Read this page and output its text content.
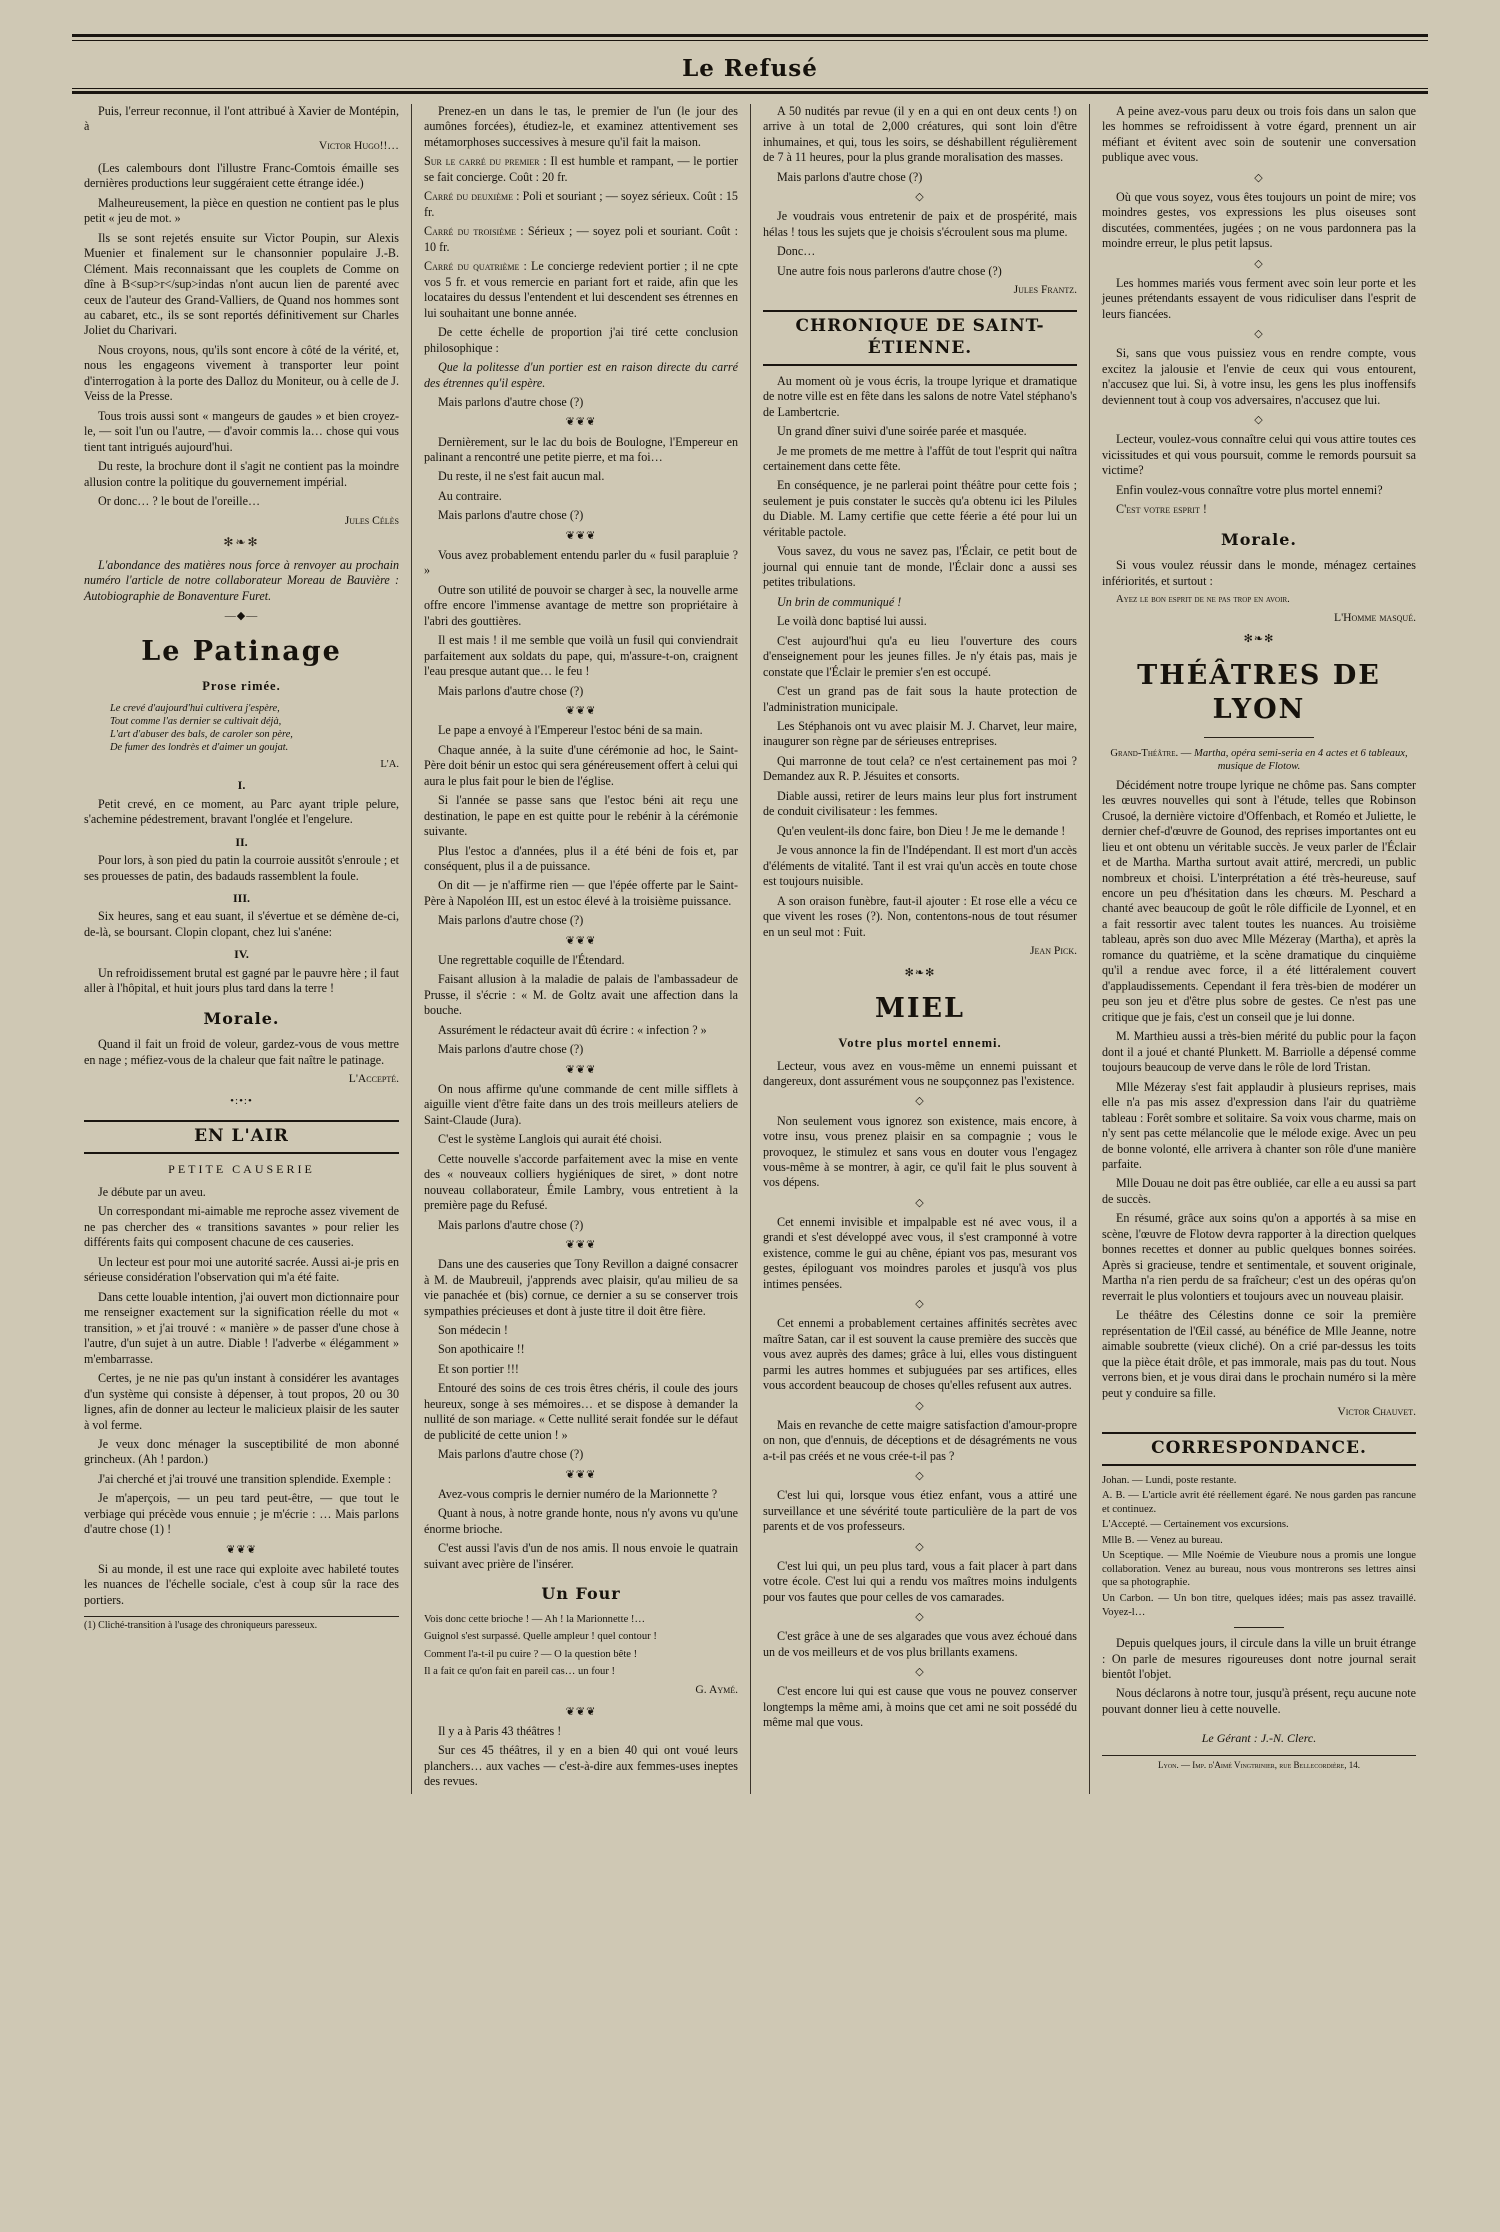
Le Refusé

Puis, l'erreur reconnue, il l'ont attribué à Xavier de Montépin, à

Victor Hugo!!…

(Les calembours dont l'illustre Franc-Comtois émaille ses dernières productions leur suggéraient cette étrange idée.)

Malheureusement, la pièce en question ne contient pas le plus petit « jeu de mot. »

Ils se sont rejetés ensuite sur Victor Poupin, sur Alexis Muenier et finalement sur le chansonnier populaire J.-B. Clément. Mais reconnaissant que les couplets de Comme on dîne à B<sup>r</sup>indas n'ont aucun lien de parenté avec ceux de l'auteur des Grand-Valliers, de Quand nos hommes sont au cabaret, etc., ils se sont reportés définitivement sur Charles Joliet du Charivari.

Nous croyons, nous, qu'ils sont encore à côté de la vérité, et, nous les engageons vivement à transporter leur point d'interrogation à la porte des Dalloz du Moniteur, ou à celle de J. Veiss de la Presse.

Tous trois aussi sont « mangeurs de gaudes » et bien croyez-le, — soit l'un ou l'autre, — d'avoir commis la… chose qui vous tient tant intrigués aujourd'hui.

Du reste, la brochure dont il s'agit ne contient pas la moindre allusion contre la politique du gouvernement impérial.

Or donc… ? le bout de l'oreille…

Jules Célès

✻❧✻

L'abondance des matières nous force à renvoyer au prochain numéro l'article de notre collaborateur Moreau de Bauvière : Autobiographie de Bonaventure Furet.

—◆—
Le Patinage
Prose rimée.
Le crevé d'aujourd'hui cultivera j'espère,
Tout comme l'as dernier se cultivait déjà,
L'art d'abuser des bals, de caroler son père,
De fumer des londrès et d'aimer un goujat.

L'A.

I.

Petit crevé, en ce moment, au Parc ayant triple pelure, s'achemine pédestrement, bravant l'onglée et l'engelure.

II.

Pour lors, à son pied du patin la courroie aussitôt s'enroule ; et ses prouesses de patin, des badauds rassemblent la foule.

III.

Six heures, sang et eau suant, il s'évertue et se démène de-ci, de-là, se boursant. Clopin clopant, chez lui s'anéne:

IV.

Un refroidissement brutal est gagné par le pauvre hère ; il faut aller à l'hôpital, et huit jours plus tard dans la terre !

Morale.

Quand il fait un froid de voleur, gardez-vous de vous mettre en nage ; méfiez-vous de la chaleur que fait naître le patinage.

L'Accepté.

•:•:•
EN L'AIR
PETITE CAUSERIE

Je débute par un aveu.

Un correspondant mi-aimable me reproche assez vivement de ne pas chercher des « transitions savantes » pour relier les différents faits qui composent chacune de ces causeries.

Un lecteur est pour moi une autorité sacrée. Aussi ai-je pris en sérieuse considération l'observation qui m'a été faite.

Dans cette louable intention, j'ai ouvert mon dictionnaire pour me renseigner exactement sur la signification réelle du mot « transition, » et j'ai trouvé : « manière » de passer d'une chose à l'autre, d'un sujet à un autre. Diable ! l'adverbe « élégamment » m'embarrasse.

Certes, je ne nie pas qu'un instant à considérer les avantages d'un système qui consiste à dépenser, à tout propos, 20 ou 30 lignes, afin de donner au lecteur le malicieux plaisir de les sauter à vol ferme.

Je veux donc ménager la susceptibilité de mon abonné grincheux. (Ah ! pardon.)

J'ai cherché et j'ai trouvé une transition splendide. Exemple :

Je m'aperçois, — un peu tard peut-être, — que tout le verbiage qui précède vous ennuie ; je m'écrie : … Mais parlons d'autre chose (1) !

❦❦❦

Si au monde, il est une race qui exploite avec habileté toutes les nuances de l'échelle sociale, c'est à coup sûr la race des portiers.

(1) Cliché-transition à l'usage des chroniqueurs paresseux.

Prenez-en un dans le tas, le premier de l'un (le jour des aumônes forcées), étudiez-le, et examinez attentivement ses métamorphoses successives à mesure qu'il fait la maison.

Sur le carré du premier : Il est humble et rampant, — le portier se fait concierge. Coût : 20 fr.

Carré du deuxième : Poli et souriant ; — soyez sérieux. Coût : 15 fr.

Carré du troisième : Sérieux ; — soyez poli et souriant. Coût : 10 fr.

Carré du quatrième : Le concierge redevient portier ; il ne cpte vos 5 fr. et vous remercie en pariant fort et raide, afin que les locataires du dessus l'entendent et lui descendent ses étrennes en lui souhaitant une bonne année.

De cette échelle de proportion j'ai tiré cette conclusion philosophique :

Que la politesse d'un portier est en raison directe du carré des étrennes qu'il espère.

Mais parlons d'autre chose (?)

❦❦❦

Dernièrement, sur le lac du bois de Boulogne, l'Empereur en palinant a rencontré une petite pierre, et ma foi…

Du reste, il ne s'est fait aucun mal.

Au contraire.

Mais parlons d'autre chose (?)

❦❦❦

Vous avez probablement entendu parler du « fusil parapluie ? »

Outre son utilité de pouvoir se charger à sec, la nouvelle arme offre encore l'immense avantage de mettre son propriétaire à l'abri des gouttières.

Il est mais ! il me semble que voilà un fusil qui conviendrait parfaitement aux soldats du pape, qui, m'assure-t-on, craignent l'eau presque autant que… le feu !

Mais parlons d'autre chose (?)

❦❦❦

Le pape a envoyé à l'Empereur l'estoc béni de sa main.

Chaque année, à la suite d'une cérémonie ad hoc, le Saint-Père doit bénir un estoc qui sera généreusement offert à celui qui aura le plus fait pour le bien de l'église.

Si l'année se passe sans que l'estoc béni ait reçu une destination, le pape en est quitte pour le rebénir à la cérémonie suivante.

Plus l'estoc a d'années, plus il a été béni de fois et, par conséquent, plus il a de puissance.

On dit — je n'affirme rien — que l'épée offerte par le Saint-Père à Napoléon III, est un estoc élevé à la troisième puissance.

Mais parlons d'autre chose (?)

❦❦❦

Une regrettable coquille de l'Étendard.

Faisant allusion à la maladie de palais de l'ambassadeur de Prusse, il s'écrie : « M. de Goltz avait une affection dans la bouche.

Assurément le rédacteur avait dû écrire : « infection ? »

Mais parlons d'autre chose (?)

❦❦❦

On nous affirme qu'une commande de cent mille sifflets à aiguille vient d'être faite dans un des trois meilleurs ateliers de Saint-Claude (Jura).

C'est le système Langlois qui aurait été choisi.

Cette nouvelle s'accorde parfaitement avec la mise en vente des « nouveaux colliers hygiéniques de siret, » dont notre nouveau collaborateur, Émile Lambry, vous entretient à la première page du Refusé.

Mais parlons d'autre chose (?)

❦❦❦

Dans une des causeries que Tony Revillon a daigné consacrer à M. de Maubreuil, j'apprends avec plaisir, qu'au milieu de sa vie panachée et (bis) cornue, ce dernier a su se conserver trois sympathies précieuses et dont à juste titre il doit être fière.

Son médecin !

Son apothicaire !!

Et son portier !!!

Entouré des soins de ces trois êtres chéris, il coule des jours heureux, songe à ses mémoires… et se dispose à demander la nullité de son mariage. « Cette nullité serait fondée sur le défaut de publicité de cette union ! »

Mais parlons d'autre chose (?)

❦❦❦

Avez-vous compris le dernier numéro de la Marionnette ?

Quant à nous, à notre grande honte, nous n'y avons vu qu'une énorme brioche.

C'est aussi l'avis d'un de nos amis. Il nous envoie le quatrain suivant avec prière de l'insérer.

Un Four

Vois donc cette brioche ! — Ah ! la Marionnette !…

Guignol s'est surpassé. Quelle ampleur ! quel contour !

Comment l'a-t-il pu cuire ? — O la question bête !

Il a fait ce qu'on fait en pareil cas… un four !

G. Aymé.

❦❦❦

Il y a à Paris 43 théâtres !

Sur ces 45 théâtres, il y en a bien 40 qui ont voué leurs planchers… aux vaches — c'est-à-dire aux femmes-uses ineptes des revues.

A 50 nudités par revue (il y en a qui en ont deux cents !) on arrive à un total de 2,000 créatures, qui sont loin d'être inhumaines, et qui, tous les soirs, se déshabillent régulièrement de 7 à 11 heures, pour la plus grande moralisation des masses.

Mais parlons d'autre chose (?)

◇

Je voudrais vous entretenir de paix et de prospérité, mais hélas ! tous les sujets que je choisis s'écroulent sous ma plume.

Donc…

Une autre fois nous parlerons d'autre chose (?)

Jules Frantz.

CHRONIQUE DE SAINT-ÉTIENNE.

Au moment où je vous écris, la troupe lyrique et dramatique de notre ville est en fête dans les salons de notre Vatel stéphano's de Lambertcrie.

Un grand dîner suivi d'une soirée parée et masquée.

Je me promets de me mettre à l'affût de tout l'esprit qui naîtra certainement dans cette fête.

En conséquence, je ne parlerai point théâtre pour cette fois ; seulement je puis constater le succès qu'a obtenu ici les Pilules du Diable. M. Lamy certifie que cette féerie a été pour lui un véritable pactole.

Vous savez, du vous ne savez pas, l'Éclair, ce petit bout de journal qui ennuie tant de monde, l'Éclair donc a aussi ses petites tribulations.

Un brin de communiqué !

Le voilà donc baptisé lui aussi.

C'est aujourd'hui qu'a eu lieu l'ouverture des cours d'enseignement pour les jeunes filles. Je n'y étais pas, mais je constate que l'Éclair le premier s'en est occupé.

C'est un grand pas de fait sous la haute protection de l'administration municipale.

Les Stéphanois ont vu avec plaisir M. J. Charvet, leur maire, inaugurer son règne par de sérieuses entreprises.

Qui marronne de tout cela? ce n'est certainement pas moi ? Demandez aux R. P. Jésuites et consorts.

Diable aussi, retirer de leurs mains leur plus fort instrument de conduit civilisateur : les femmes.

Qu'en veulent-ils donc faire, bon Dieu ! Je me le demande !

Je vous annonce la fin de l'Indépendant. Il est mort d'un accès d'éléments de vitalité. Tant il est vrai qu'un accès en toute chose est toujours nuisible.

A son oraison funèbre, faut-il ajouter : Et rose elle a vécu ce que vivent les roses (?). Non, contentons-nous de tout résumer en un seul mot : Fuit.

Jean Pick.

✻❧✻
MIEL
Votre plus mortel ennemi.

Lecteur, vous avez en vous-même un ennemi puissant et dangereux, dont assurément vous ne soupçonnez pas l'existence.

◇

Non seulement vous ignorez son existence, mais encore, à votre insu, vous prenez plaisir en sa compagnie ; vous le provoquez, le stimulez et sans vous en douter vous l'engagez vous-même à se montrer, à agir, ce qu'il fait le plus souvent à vos dépens.

◇

Cet ennemi invisible et impalpable est né avec vous, il a grandi et s'est développé avec vous, il s'est cramponné à votre existence, comme le gui au chêne, épiant vos pas, mesurant vos gestes, épiloguant vos moindres paroles et jusqu'à vos plus intimes pensées.

◇

Cet ennemi a probablement certaines affinités secrètes avec maître Satan, car il est souvent la cause première des succès que vous avez auprès des dames; grâce à lui, elles vous distinguent parmi les autres hommes et subjuguées par ses artifices, elles vous accordent beaucoup de choses qu'elles refusent aux autres.

◇

Mais en revanche de cette maigre satisfaction d'amour-propre on non, que d'ennuis, de déceptions et de désagréments ne vous a-t-il pas créés et ne vous crée-t-il pas ?

◇

C'est lui qui, lorsque vous étiez enfant, vous a attiré une surveillance et une sévérité toute particulière de la part de vos parents et de vos professeurs.

◇

C'est lui qui, un peu plus tard, vous a fait placer à part dans votre école. C'est lui qui a rendu vos maîtres moins indulgents pour vos fautes que pour celles de vos camarades.

◇

C'est grâce à une de ses algarades que vous avez échoué dans un de vos meilleurs et de vos plus brillants examens.

◇

C'est encore lui qui est cause que vous ne pouvez conserver longtemps la même ami, à moins que cet ami ne soit possédé du même mal que vous.

A peine avez-vous paru deux ou trois fois dans un salon que les hommes se refroidissent à votre égard, prennent un air méfiant et évitent avec soin de soutenir une conversation publique avec vous.

◇

Où que vous soyez, vous êtes toujours un point de mire; vos moindres gestes, vos expressions les plus oiseuses sont discutées, commentées, jugées ; on ne vous pardonnera pas la moindre erreur, le plus petit lapsus.

◇

Les hommes mariés vous ferment avec soin leur porte et les jeunes prétendants essayent de vous ridiculiser dans l'esprit de leurs fiancées.

◇

Si, sans que vous puissiez vous en rendre compte, vous excitez la jalousie et l'envie de ceux qui vous entourent, n'accusez que lui. Si, à votre insu, les gens les plus inoffensifs deviennent tout à coup vos adversaires, n'accusez que lui.

◇

Lecteur, voulez-vous connaître celui qui vous attire toutes ces vicissitudes et qui vous poursuit, comme le remords poursuit sa victime?

Enfin voulez-vous connaître votre plus mortel ennemi?

C'est votre esprit !

Morale.

Si vous voulez réussir dans le monde, ménagez certaines infériorités, et surtout :

Ayez le bon esprit de ne pas trop en avoir.

L'Homme masqué.

✻❧✻
THÉÂTRES DE LYON

Grand-Théâtre. — Martha, opéra semi-seria en 4 actes et 6 tableaux, musique de Flotow.

Décidément notre troupe lyrique ne chôme pas. Sans compter les œuvres nouvelles qui sont à l'étude, telles que Robinson Crusoé, la dernière victoire d'Offenbach, et Roméo et Juliette, le dernier chef-d'œuvre de Gounod, des reprises importantes ont eu lieu et ont obtenu un véritable succès. Je veux parler de l'Éclair et de Martha. Martha surtout avait attiré, mercredi, un public nombreux et choisi. L'interprétation a été très-heureuse, sauf encore un peu d'hésitation dans les chœurs. M. Peschard a chanté avec beaucoup de goût le rôle difficile de Lyonnel, et en a fait ressortir avec talent toutes les nuances. Au troisième tableau, après son duo avec Mlle Mézeray (Martha), et après la romance du quatrième, et la scène dramatique du cinquième qu'il a rendue avec force, il a été littéralement couvert d'applaudissements. Cependant il fera très-bien de modérer un peu son jeu et d'être plus sobre de gestes. Ce n'est pas une critique que je fais, c'est un conseil que je lui donne.

M. Marthieu aussi a très-bien mérité du public pour la façon dont il a joué et chanté Plunkett. M. Barriolle a dépensé comme toujours beaucoup de verve dans le rôle de lord Tristan.

Mlle Mézeray s'est fait applaudir à plusieurs reprises, mais elle n'a pas mis assez d'expression dans l'air du quatrième tableau : Forêt sombre et solitaire. Sa voix vous charme, mais on n'y sent pas cette mélancolie que le mélode exige. Avec un peu de bonne volonté, elle arrivera à chanter son rôle d'une manière parfaite.

Mlle Douau ne doit pas être oubliée, car elle a eu aussi sa part de succès.

En résumé, grâce aux soins qu'on a apportés à sa mise en scène, l'œuvre de Flotow devra rapporter à la direction quelques bonnes recettes et donner au public quelques bonnes soirées. Après si gracieuse, tendre et sentimentale, et souvent originale, Martha n'a rien perdu de sa fraîcheur; c'est un des opéras qu'on reverrait le plus volontiers et toujours avec un nouveau plaisir.

Le théâtre des Célestins donne ce soir la première représentation de l'Œil cassé, au bénéfice de Mlle Jeanne, notre aimable soubrette (vieux cliché). On a crié par-dessus les toits que la pièce était drôle, et pas immorale, mais pas du tout. Nous verrons bien, et je vous dirai dans le prochain numéro si la mère peut y conduire sa fille.

Victor Chauvet.

CORRESPONDANCE.

Johan. — Lundi, poste restante.

A. B. — L'article avrit été réellement égaré. Ne nous garden pas rancune et continuez.

L'Accepté. — Certainement vos excursions.

Mlle B. — Venez au bureau.

Un Sceptique. — Mlle Noémie de Vieubure nous a promis une longue collaboration. Venez au bureau, nous vous montrerons ses lettres ainsi que sa photographie.

Un Carbon. — Un bon titre, quelques idées; mais pas assez travaillé. Voyez-l…

Depuis quelques jours, il circule dans la ville un bruit étrange : On parle de mesures rigoureuses dont notre journal serait bientôt l'objet.

Nous déclarons à notre tour, jusqu'à présent, reçu aucune note pouvant donner lieu à cette nouvelle.

Le Gérant : J.-N. Clerc.
Lyon. — Imp. d'Aimé Vingtrinier, rue Bellecordière, 14.
